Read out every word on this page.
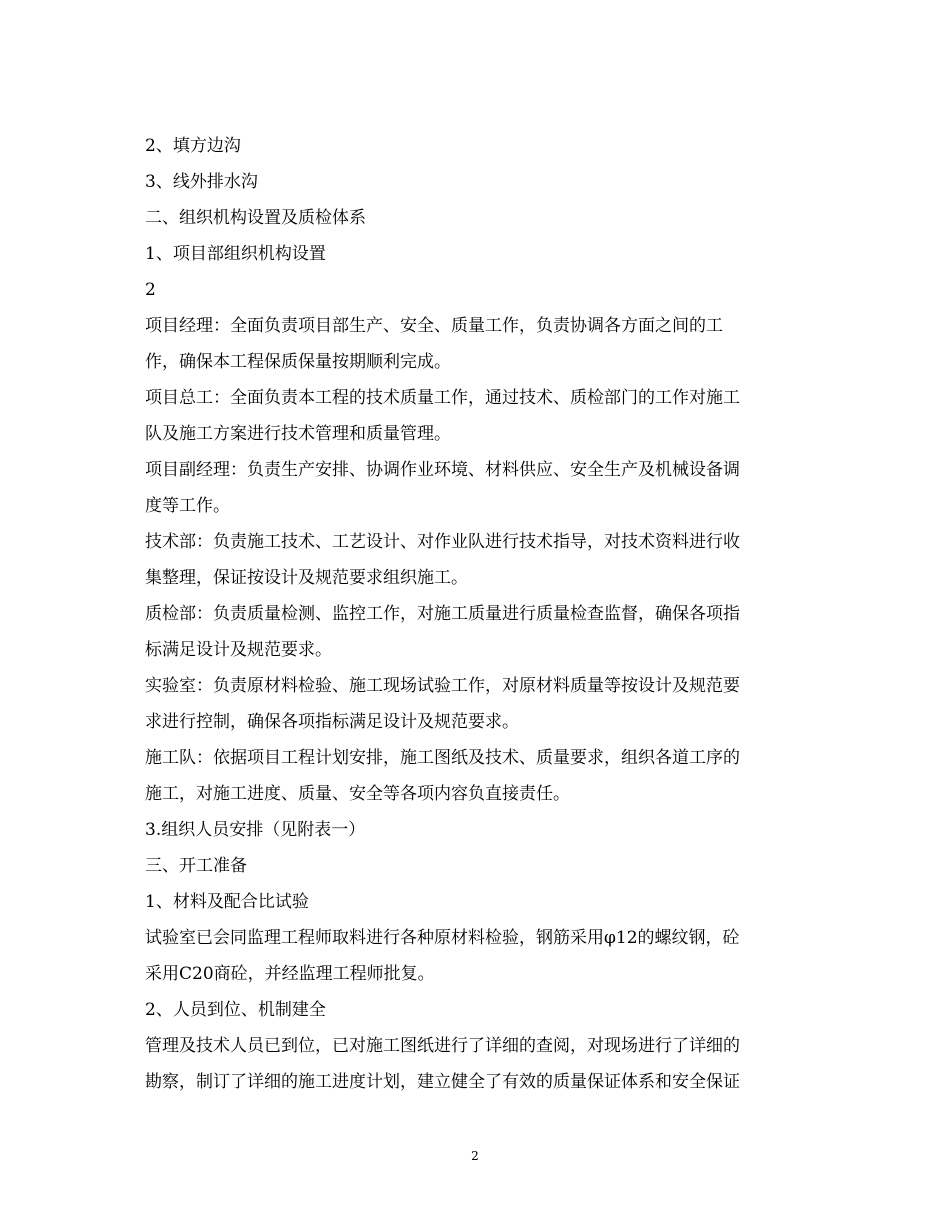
2、填方边沟
3、线外排水沟
二、组织机构设置及质检体系
1、项目部组织机构设置
2
项目经理：全面负责项目部生产、安全、质量工作，负责协调各方面之间的工
作，确保本工程保质保量按期顺利完成。
项目总工：全面负责本工程的技术质量工作，通过技术、质检部门的工作对施工
队及施工方案进行技术管理和质量管理。
项目副经理：负责生产安排、协调作业环境、材料供应、安全生产及机械设备调
度等工作。
技术部：负责施工技术、工艺设计、对作业队进行技术指导，对技术资料进行收
集整理，保证按设计及规范要求组织施工。
质检部：负责质量检测、监控工作，对施工质量进行质量检查监督，确保各项指
标满足设计及规范要求。
实验室：负责原材料检验、施工现场试验工作，对原材料质量等按设计及规范要
求进行控制，确保各项指标满足设计及规范要求。
施工队：依据项目工程计划安排，施工图纸及技术、质量要求，组织各道工序的
施工，对施工进度、质量、安全等各项内容负直接责任。
3.组织人员安排（见附表一）
三、开工准备
1、材料及配合比试验
试验室已会同监理工程师取料进行各种原材料检验，钢筋采用φ12的螺纹钢，砼
采用C20商砼，并经监理工程师批复。
2、人员到位、机制建全
管理及技术人员已到位，已对施工图纸进行了详细的查阅，对现场进行了详细的
勘察，制订了详细的施工进度计划，建立健全了有效的质量保证体系和安全保证
2
